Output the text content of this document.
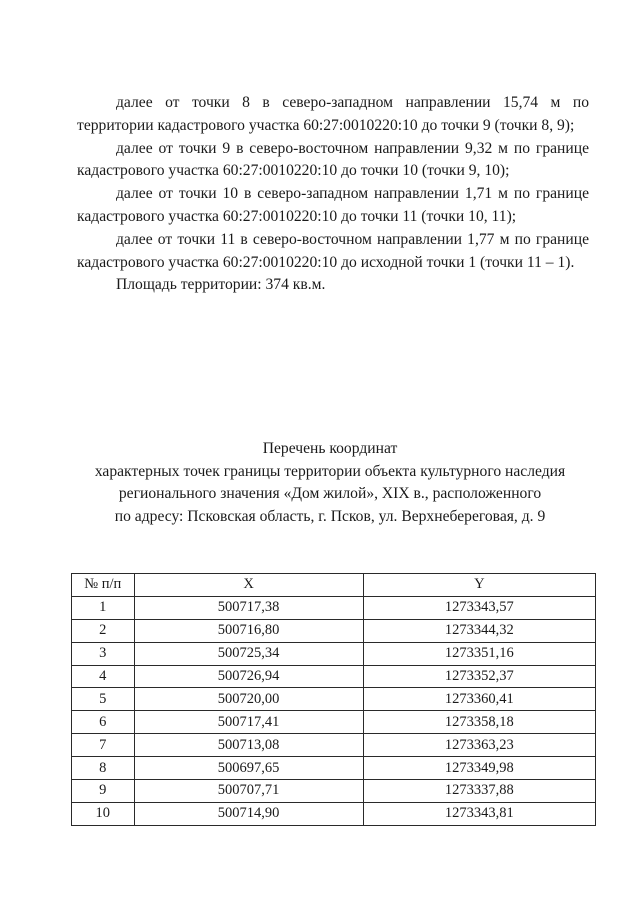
далее от точки 8 в северо-западном направлении 15,74 м по территории кадастрового участка 60:27:0010220:10 до точки 9 (точки 8, 9);

далее от точки 9 в северо-восточном направлении 9,32 м по границе кадастрового участка 60:27:0010220:10 до точки 10 (точки 9, 10);

далее от точки 10 в северо-западном направлении 1,71 м по границе кадастрового участка 60:27:0010220:10 до точки 11 (точки 10, 11);

далее от точки 11 в северо-восточном направлении 1,77 м по границе кадастрового участка 60:27:0010220:10 до исходной точки 1 (точки 11 – 1).

Площадь территории: 374 кв.м.

Перечень координат
характерных точек границы территории объекта культурного наследия
регионального значения «Дом жилой», XIX в., расположенного
по адресу: Псковская область, г. Псков, ул. Верхнебереговая, д. 9
№ п/п	X	Y
1	500717,38	1273343,57
2	500716,80	1273344,32
3	500725,34	1273351,16
4	500726,94	1273352,37
5	500720,00	1273360,41
6	500717,41	1273358,18
7	500713,08	1273363,23
8	500697,65	1273349,98
9	500707,71	1273337,88
10	500714,90	1273343,81
